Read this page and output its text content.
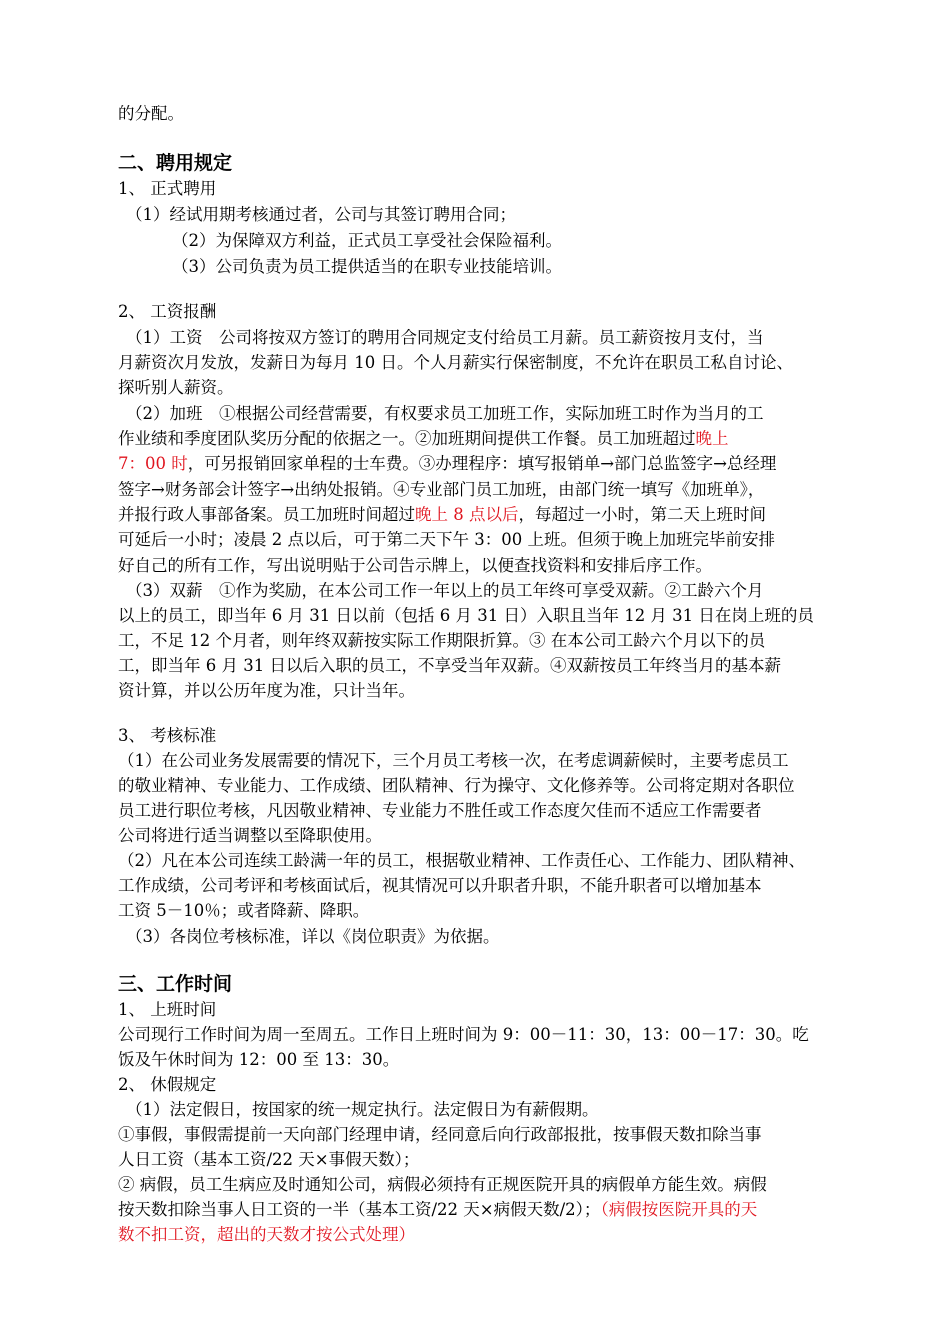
的分配。
二、聘用规定
1、 正式聘用
（1）经试用期考核通过者，公司与其签订聘用合同；
（2）为保障双方利益，正式员工享受社会保险福利。
（3）公司负责为员工提供适当的在职专业技能培训。
2、 工资报酬
（1）工资　公司将按双方签订的聘用合同规定支付给员工月薪。员工薪资按月支付，当
月薪资次月发放，发薪日为每月 10 日。个人月薪实行保密制度，不允许在职员工私自讨论、
探听别人薪资。
（2）加班　①根据公司经营需要，有权要求员工加班工作，实际加班工时作为当月的工
作业绩和季度团队奖历分配的依据之一。②加班期间提供工作餐。员工加班超过晚上
7：00 时，可另报销回家单程的士车费。③办理程序：填写报销单→部门总监签字→总经理
签字→财务部会计签字→出纳处报销。④专业部门员工加班，由部门统一填写《加班单》，
并报行政人事部备案。员工加班时间超过晚上 8 点以后，每超过一小时，第二天上班时间
可延后一小时；凌晨 2 点以后，可于第二天下午 3：00 上班。但须于晚上加班完毕前安排
好自己的所有工作，写出说明贴于公司告示牌上，以便查找资料和安排后序工作。
（3）双薪　①作为奖励，在本公司工作一年以上的员工年终可享受双薪。②工龄六个月
以上的员工，即当年 6 月 31 日以前（包括 6 月 31 日）入职且当年 12 月 31 日在岗上班的员
工，不足 12 个月者，则年终双薪按实际工作期限折算。③ 在本公司工龄六个月以下的员
工，即当年 6 月 31 日以后入职的员工，不享受当年双薪。④双薪按员工年终当月的基本薪
资计算，并以公历年度为准，只计当年。
3、 考核标准
（1）在公司业务发展需要的情况下，三个月员工考核一次，在考虑调薪候时，主要考虑员工
的敬业精神、专业能力、工作成绩、团队精神、行为操守、文化修养等。公司将定期对各职位
员工进行职位考核，凡因敬业精神、专业能力不胜任或工作态度欠佳而不适应工作需要者
公司将进行适当调整以至降职使用。
（2）凡在本公司连续工龄满一年的员工，根据敬业精神、工作责任心、工作能力、团队精神、
工作成绩，公司考评和考核面试后，视其情况可以升职者升职，不能升职者可以增加基本
工资 5－10％；或者降薪、降职。
（3）各岗位考核标准，详以《岗位职责》为依据。
三、工作时间
1、 上班时间
公司现行工作时间为周一至周五。工作日上班时间为 9：00－11：30，13：00－17：30。吃
饭及午休时间为 12：00 至 13：30。
2、 休假规定
（1）法定假日，按国家的统一规定执行。法定假日为有薪假期。
①事假，事假需提前一天向部门经理申请，经同意后向行政部报批，按事假天数扣除当事
人日工资（基本工资/22 天×事假天数）；
② 病假，员工生病应及时通知公司，病假必须持有正规医院开具的病假单方能生效。病假
按天数扣除当事人日工资的一半（基本工资/22 天×病假天数/2）；（病假按医院开具的天
数不扣工资，超出的天数才按公式处理）
